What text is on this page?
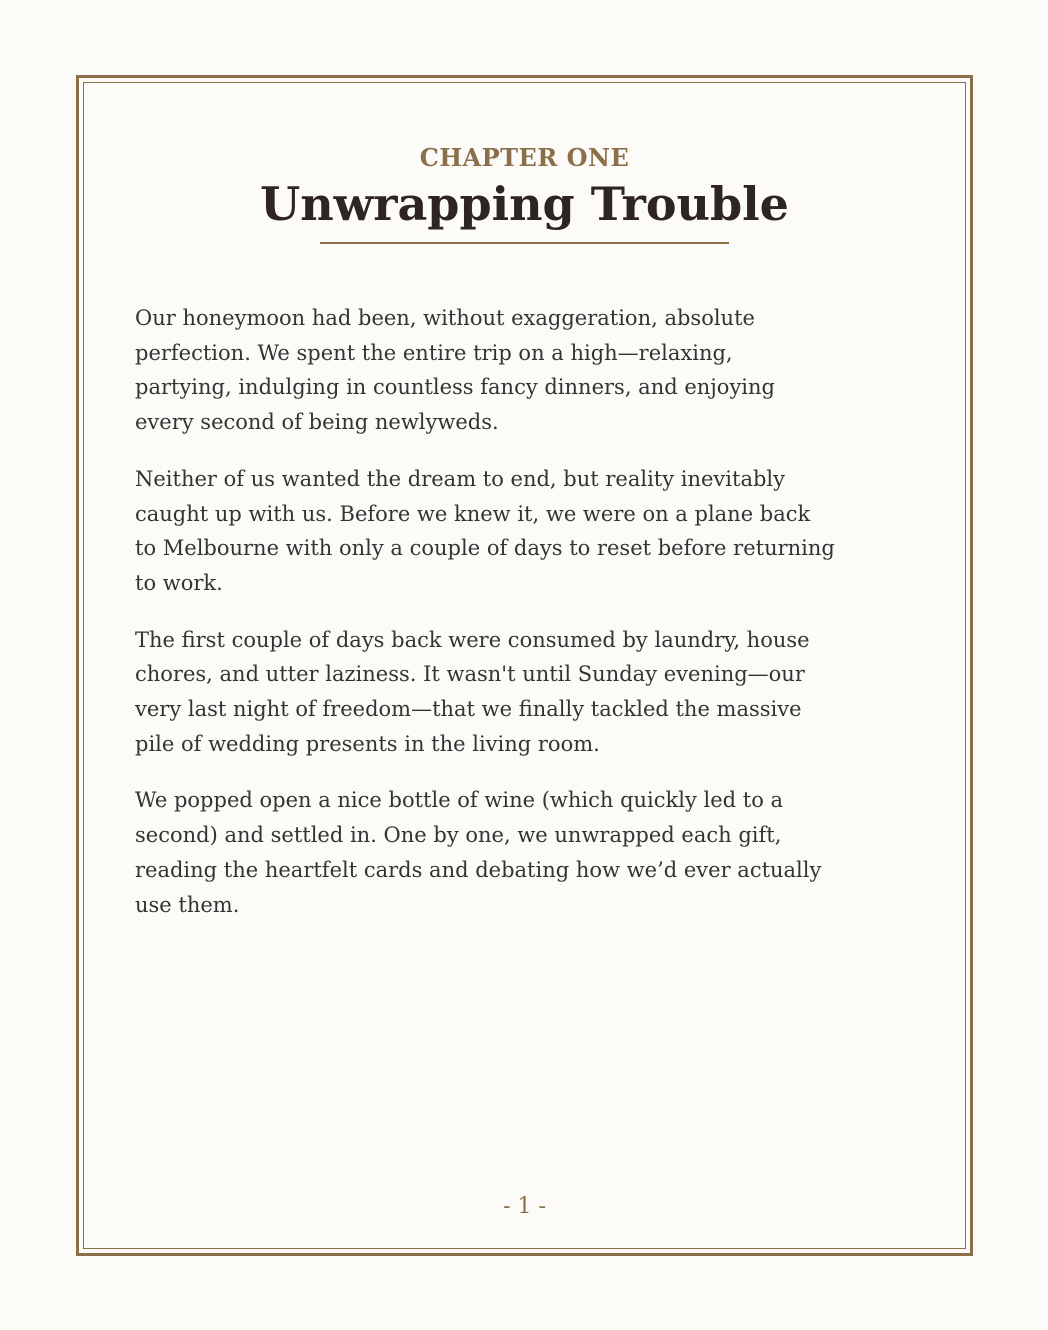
CHAPTER ONE
Unwrapping Trouble

Our honeymoon had been, without exaggeration, absolute perfection. We spent the entire trip on a high—relaxing, partying, indulging in countless fancy dinners, and enjoying every second of being newlyweds.

Neither of us wanted the dream to end, but reality inevitably caught up with us. Before we knew it, we were on a plane back to Melbourne with only a couple of days to reset before returning to work.

The first couple of days back were consumed by laundry, house chores, and utter laziness. It wasn't until Sunday evening—our very last night of freedom—that we finally tackled the massive pile of wedding presents in the living room.

We popped open a nice bottle of wine (which quickly led to a second) and settled in. One by one, we unwrapped each gift, reading the heartfelt cards and debating how we’d ever actually use them.

- 1 -
